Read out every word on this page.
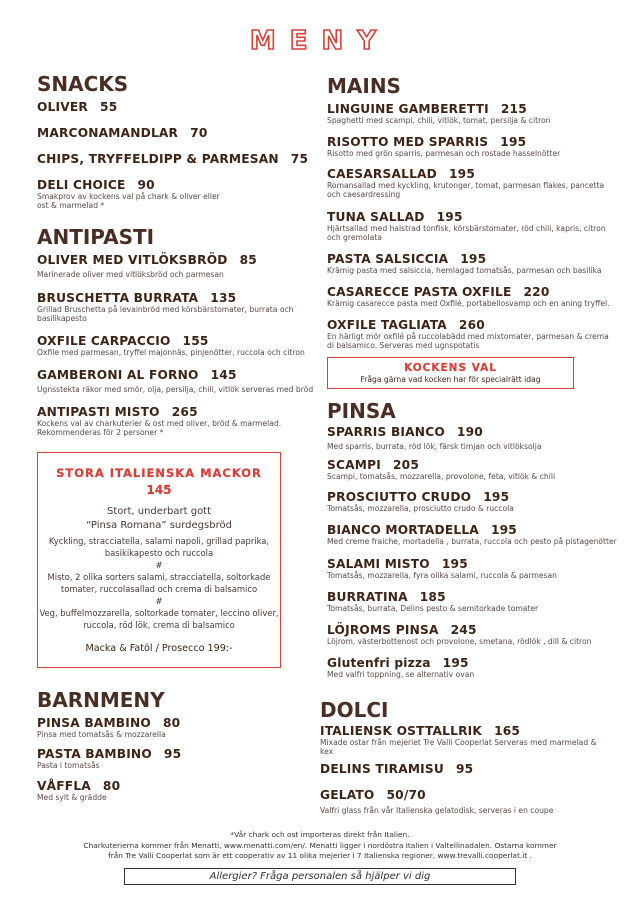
MENY
SNACKS
OLIVER 55
MARCONAMANDLAR 70
CHIPS, TRYFFELDIPP & PARMESAN 75
DELI CHOICE 90
Smakprov av kockens val på chark & oliver eller ost & marmelad *
ANTIPASTI
OLIVER MED VITLÖKSBRÖD 85
Marinerade oliver med vitlöksbröd och parmesan
BRUSCHETTA BURRATA 135
Grillad Bruschetta på levainbröd med körsbärstomater, burrata och basilikapesto
OXFILE CARPACCIO 155
Oxfile med parmesan, tryffel majonnäs, pinjenötter, ruccola och citron
GAMBERONI AL FORNO 145
Ugnsstekta räkor med smör, olja, persilja, chili, vitlök serveras med bröd
ANTIPASTI MISTO 265
Kockens val av charkuterier & ost med oliver, bröd & marmelad. Rekommenderas för 2 personer *
STORA ITALIENSKA MACKOR
145
Stort, underbart gott
“Pinsa Romana” surdegsbröd
Kyckling, stracciatella, salami napoli, grillad paprika,
basikikapesto och ruccola
#
Misto, 2 olika sorters salami, stracciatella, soltorkade
tomater, ruccolasallad och crema di balsamico
#
Veg, buffelmozzarella, soltorkade tomater, leccino oliver,
ruccola, röd lök, crema di balsamico
Macka & Fatöl / Prosecco 199:-
BARNMENY
PINSA BAMBINO 80
Pinsa med tomatsås & mozzarella
PASTA BAMBINO 95
Pasta i tomatsås
VÅFFLA 80
Med sylt & grädde
MAINS
LINGUINE GAMBERETTI 215
Spaghetti med scampi, chili, vitlök, tomat, persilja & citron
RISOTTO MED SPARRIS 195
Risotto med grön sparris, parmesan och rostade hasselnötter
CAESARSALLAD 195
Romansallad med kyckling, krutonger, tomat, parmesan flakes, pancetta och caesardressing
TUNA SALLAD 195
Hjärtsallad med halstrad tonfisk, körsbärstomater, röd chili, kapris, citron och gremolata
PASTA SALSICCIA 195
Krämig pasta med salsiccia, hemlagad tomatsås, parmesan och basilika
CASARECCE PASTA OXFILE 220
Krämig casarecce pasta med Oxfilé, portabellosvamp och en aning tryffel.
OXFILE TAGLIATA 260
En härligt mör oxfilé på ruccolabädd med mixtomater, parmesan & crema di balsamico. Serveras med ugnspotatis
KOCKENS VAL
Fråga gärna vad kocken har för specialrätt idag
PINSA
SPARRIS BIANCO 190
Med sparris, burrata, röd lök, färsk timjan och vitlöksolja
SCAMPI 205
Scampi, tomatsås, mozzarella, provolone, feta, vitlök & chili
PROSCIUTTO CRUDO 195
Tomatsås, mozzarella, prosciutto crudo & ruccola
BIANCO MORTADELLA 195
Med creme fraiche, mortadella , burrata, ruccola och pesto på pistagenötter
SALAMI MISTO 195
Tomatsås, mozzarella, fyra olika salami, ruccola & parmesan
BURRATINA 185
Tomatsås, burrata, Delins pesto & semitorkade tomater
LÖJROMS PINSA 245
Löjrom, västerbottenost och provolone, smetana, rödlök , dill & citron
Glutenfri pizza 195
Med valfri toppning, se alternativ ovan
DOLCI
ITALIENSK OSTTALLRIK 165
Mixade ostar från mejeriet Tre Valli Cooperlat Serveras med marmelad & kex
DELINS TIRAMISU 95
GELATO 50/70
Valfri glass från vår Italienska gelatodisk, serveras i en coupe
*Vår chark och ost importeras direkt från Italien.
Charkuterierna kommer från Menatti, www.menatti.com/en/. Menatti ligger i nordöstra Italien i Valtellinadalen. Ostarna kommer
från Tre Valli Cooperlat som är ett cooperativ av 11 olika mejerier i 7 Italienska regioner, www.trevalli.cooperlat.it .
Allergier? Fråga personalen så hjälper vi dig
